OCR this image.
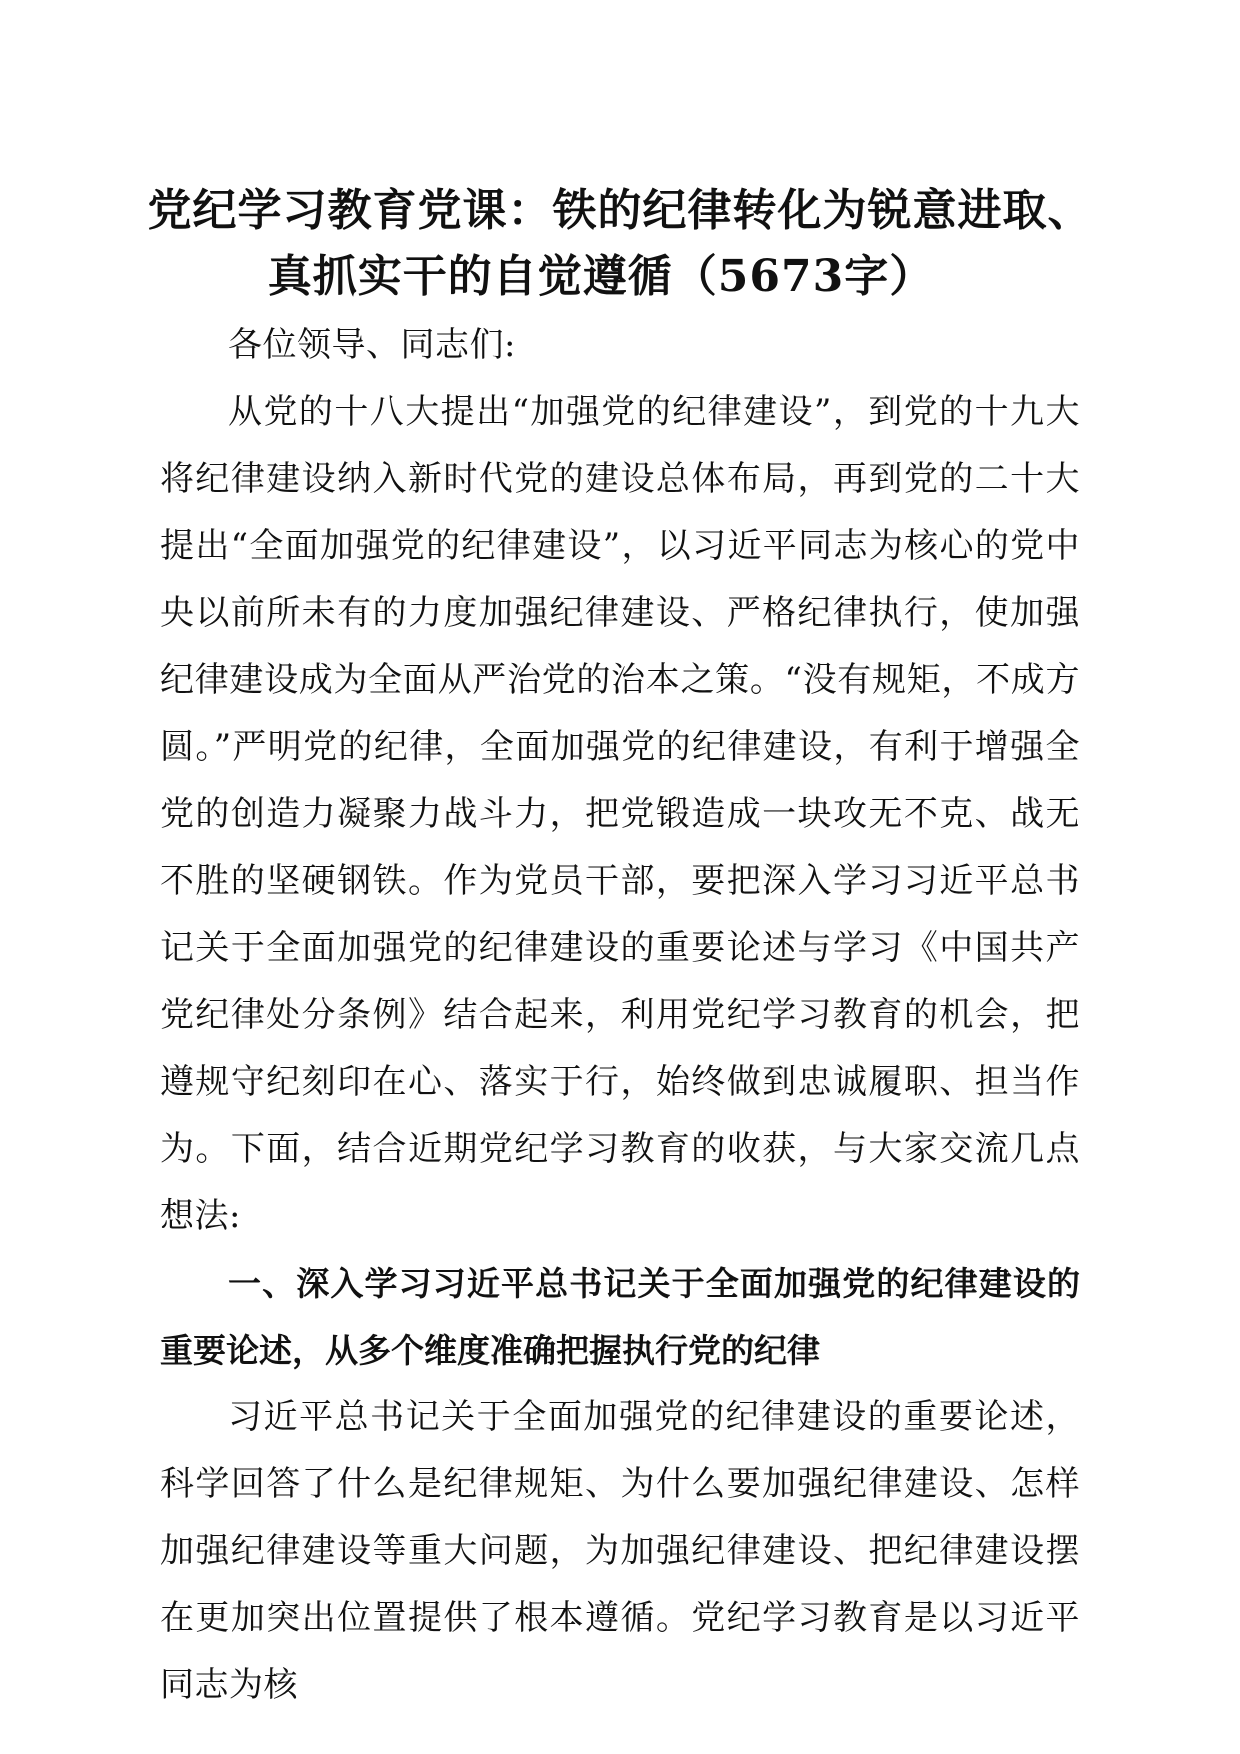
党纪学习教育党课：铁的纪律转化为锐意进取、
真抓实干的自觉遵循（5673字）

各位领导、同志们:

从党的十八大提出“加强党的纪律建设”，到党的十九大将纪律建设纳入新时代党的建设总体布局，再到党的二十大提出“全面加强党的纪律建设”，以习近平同志为核心的党中央以前所未有的力度加强纪律建设、严格纪律执行，使加强纪律建设成为全面从严治党的治本之策。“没有规矩，不成方圆。”严明党的纪律，全面加强党的纪律建设，有利于增强全党的创造力凝聚力战斗力，把党锻造成一块攻无不克、战无不胜的坚硬钢铁。作为党员干部，要把深入学习习近平总书记关于全面加强党的纪律建设的重要论述与学习《中国共产党纪律处分条例》结合起来，利用党纪学习教育的机会，把遵规守纪刻印在心、落实于行，始终做到忠诚履职、担当作为。下面，结合近期党纪学习教育的收获，与大家交流几点想法:

一、深入学习习近平总书记关于全面加强党的纪律建设的重要论述，从多个维度准确把握执行党的纪律

习近平总书记关于全面加强党的纪律建设的重要论述，科学回答了什么是纪律规矩、为什么要加强纪律建设、怎样加强纪律建设等重大问题，为加强纪律建设、把纪律建设摆在更加突出位置提供了根本遵循。党纪学习教育是以习近平同志为核
